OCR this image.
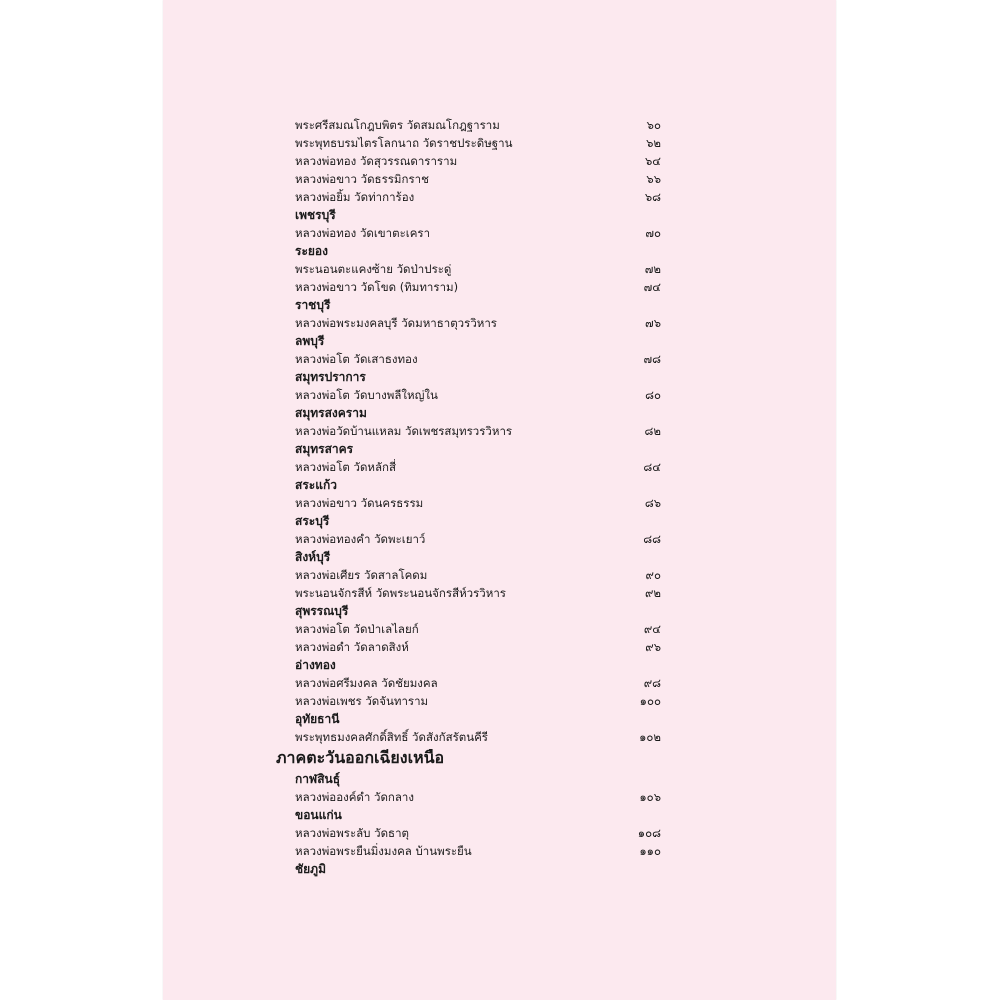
พระศรีสมณโกฎบพิตร วัดสมณโกฎฐาราม	๖๐
พระพุทธบรมไตรโลกนาถ วัดราชประดิษฐาน	๖๒
หลวงพ่อทอง วัดสุวรรณดาราราม	๖๔
หลวงพ่อขาว วัดธรรมิกราช	๖๖
หลวงพ่อยิ้ม วัดท่าการ้อง	๖๘
เพชรบุรี
หลวงพ่อทอง วัดเขาตะเครา	๗๐
ระยอง
พระนอนตะแคงซ้าย วัดป่าประดู่	๗๒
หลวงพ่อขาว วัดโขด (ทิมทาราม)	๗๔
ราชบุรี
หลวงพ่อพระมงคลบุรี วัดมหาธาตุวรวิหาร	๗๖
ลพบุรี
หลวงพ่อโต วัดเสาธงทอง	๗๘
สมุทรปราการ
หลวงพ่อโต วัดบางพลีใหญ่ใน	๘๐
สมุทรสงคราม
หลวงพ่อวัดบ้านแหลม วัดเพชรสมุทรวรวิหาร	๘๒
สมุทรสาคร
หลวงพ่อโต วัดหลักสี่	๘๔
สระแก้ว
หลวงพ่อขาว วัดนครธรรม	๘๖
สระบุรี
หลวงพ่อทองคำ วัดพะเยาว์	๘๘
สิงห์บุรี
หลวงพ่อเศียร วัดสาลโคดม	๙๐
พระนอนจักรสีห์ วัดพระนอนจักรสีห์วรวิหาร	๙๒
สุพรรณบุรี
หลวงพ่อโต วัดป่าเลไลยก์	๙๔
หลวงพ่อดำ วัดลาดสิงห์	๙๖
อ่างทอง
หลวงพ่อศรีมงคล วัดชัยมงคล	๙๘
หลวงพ่อเพชร วัดจันทาราม	๑๐๐
อุทัยธานี
พระพุทธมงคลศักดิ์สิทธิ์ วัดสังกัสรัตนคีรี	๑๐๒
ภาคตะวันออกเฉียงเหนือ
กาฬสินธุ์
หลวงพ่อองค์ดำ วัดกลาง	๑๐๖
ขอนแก่น
หลวงพ่อพระลับ วัดธาตุ	๑๐๘
หลวงพ่อพระยืนมิ่งมงคล บ้านพระยืน	๑๑๐
ชัยภูมิ
